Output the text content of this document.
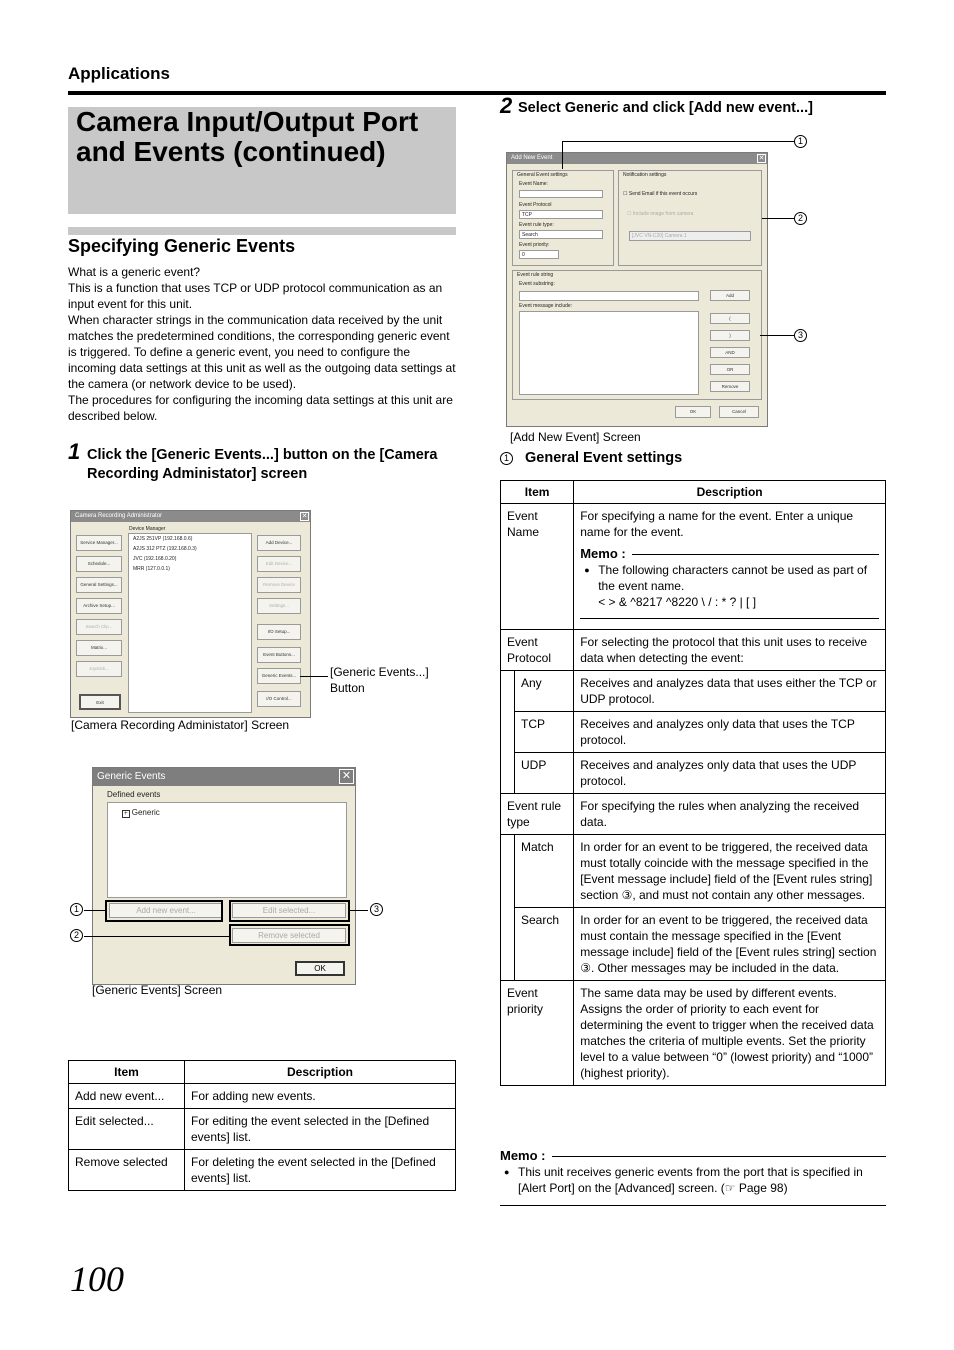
Applications
Camera Input/Output Port
and Events (continued)
Specifying Generic Events
What is a generic event?
This is a function that uses TCP or UDP protocol communication as an input event for this unit.
When character strings in the communication data received by the unit matches the predetermined conditions, the corresponding generic event is triggered. To define a generic event, you need to configure the incoming data settings at this unit as well as the outgoing data settings at the camera (or network device to be used).
The procedures for configuring the incoming data settings at this unit are described below.
1 Click the [Generic Events...] button on the [Camera Recording Administator] screen
Camera Recording Administrator	✕
Device Manager
A2JS 251VP (192.168.0.6)
A2JS 312 PTZ (192.168.0.3)
JVC (192.168.0.20)
MRR (127.0.0.1)
Service Manager...
Schedule...
General Settings...
Archive Setup...
Search Clip...
Matrix...
Joystick...
Exit
Add Device...
Edit Device...
Remove Device
Settings...
I/O Setup...
Event Buttons...
Generic Events...
I/O Control...
[Generic Events...] Button
[Camera Recording Administator] Screen
Generic Events	✕
Defined events
+ Generic
Add new event...	Edit selected...
Remove selected
OK
1
2
3
[Generic Events] Screen
Item	Description
Add new event...	For adding new events.
Edit selected...	For editing the event selected in the [Defined events] list.
Remove selected	For deleting the event selected in the [Defined events] list.
2 Select Generic and click [Add new event...]
Add New Event	✕
General Event settings
Event Name:
Event Protocol
TCP
Event rule type:
Search
Event priority:
0
Notification settings
☐ Send Email if this event occurs
☐ Include image from camera
[JVC VN-C20] Camera 1
Event rule string
Event substring:
Event message include:
Add
(
)
AND
OR
Remove
OK	Cancel
1
2
3
[Add New Event] Screen
1 General Event settings
Item		Description
Event Name		For specifying a name for the event. Enter a unique name for the event.
Memo :
● The following characters cannot be used as part of the event name.
< > & ^8217 ^8220 \ / : * ? | [ ]

Event Protocol		For selecting the protocol that this unit uses to receive data when detecting the event:
	Any	Receives and analyzes data that uses either the TCP or UDP protocol.
	TCP	Receives and analyzes only data that uses the TCP protocol.
	UDP	Receives and analyzes only data that uses the UDP protocol.
Event rule type		For specifying the rules when analyzing the received data.
	Match	In order for an event to be triggered, the received data must totally coincide with the message specified in the [Event message include] field of the [Event rules string] section ③, and must not contain any other messages.
	Search	In order for an event to be triggered, the received data must contain the message specified in the [Event message include] field of the [Event rules string] section ③. Other messages may be included in the data.
Event priority		The same data may be used by different events. Assigns the order of priority to each event for determining the event to trigger when the received data matches the criteria of multiple events. Set the priority level to a value between “0” (lowest priority) and “1000” (highest priority).
Memo :
● This unit receives generic events from the port that is specified in [Alert Port] on the [Advanced] screen. (☞ Page 98)
100
